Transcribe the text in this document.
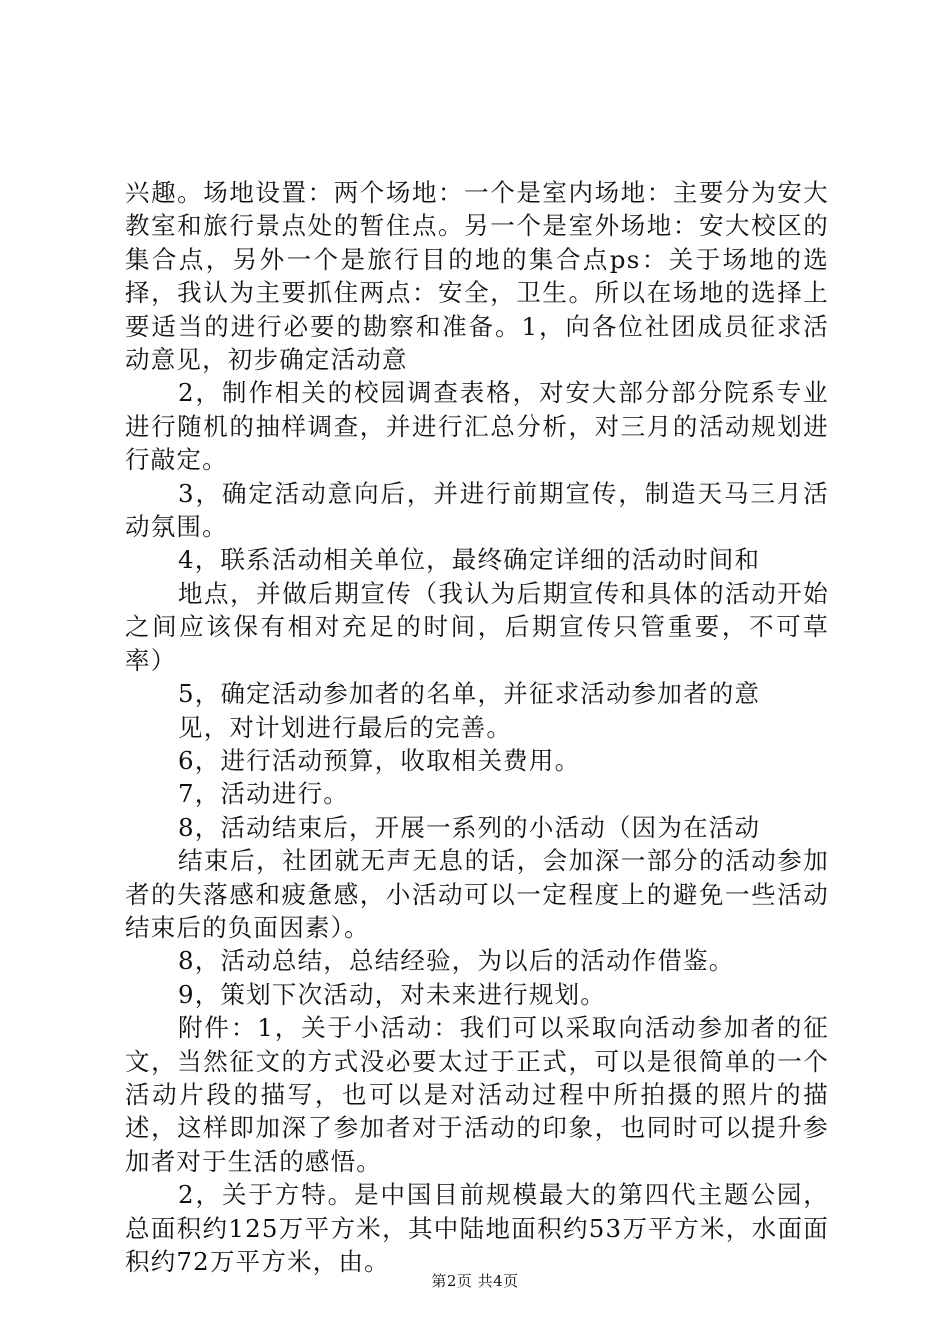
兴趣。场地设置：两个场地：一个是室内场地：主要分为安大教室和旅行景点处的暂住点。另一个是室外场地：安大校区的集合点，另外一个是旅行目的地的集合点ps：关于场地的选择，我认为主要抓住两点：安全，卫生。所以在场地的选择上要适当的进行必要的勘察和准备。1，向各位社团成员征求活动意见，初步确定活动意

2，制作相关的校园调查表格，对安大部分部分院系专业进行随机的抽样调查，并进行汇总分析，对三月的活动规划进行敲定。

3，确定活动意向后，并进行前期宣传，制造天马三月活动氛围。

4，联系活动相关单位，最终确定详细的活动时间和

地点，并做后期宣传（我认为后期宣传和具体的活动开始之间应该保有相对充足的时间，后期宣传只管重要，不可草率）

5，确定活动参加者的名单，并征求活动参加者的意

见，对计划进行最后的完善。

6，进行活动预算，收取相关费用。

7，活动进行。

8，活动结束后，开展一系列的小活动（因为在活动

结束后，社团就无声无息的话，会加深一部分的活动参加者的失落感和疲惫感，小活动可以一定程度上的避免一些活动结束后的负面因素）。

8，活动总结，总结经验，为以后的活动作借鉴。

9，策划下次活动，对未来进行规划。

附件：1，关于小活动：我们可以采取向活动参加者的征文，当然征文的方式没必要太过于正式，可以是很简单的一个活动片段的描写，也可以是对活动过程中所拍摄的照片的描述，这样即加深了参加者对于活动的印象，也同时可以提升参加者对于生活的感悟。

2，关于方特。是中国目前规模最大的第四代主题公园，总面积约125万平方米，其中陆地面积约53万平方米，水面面积约72万平方米，由。

第2页 共4页
